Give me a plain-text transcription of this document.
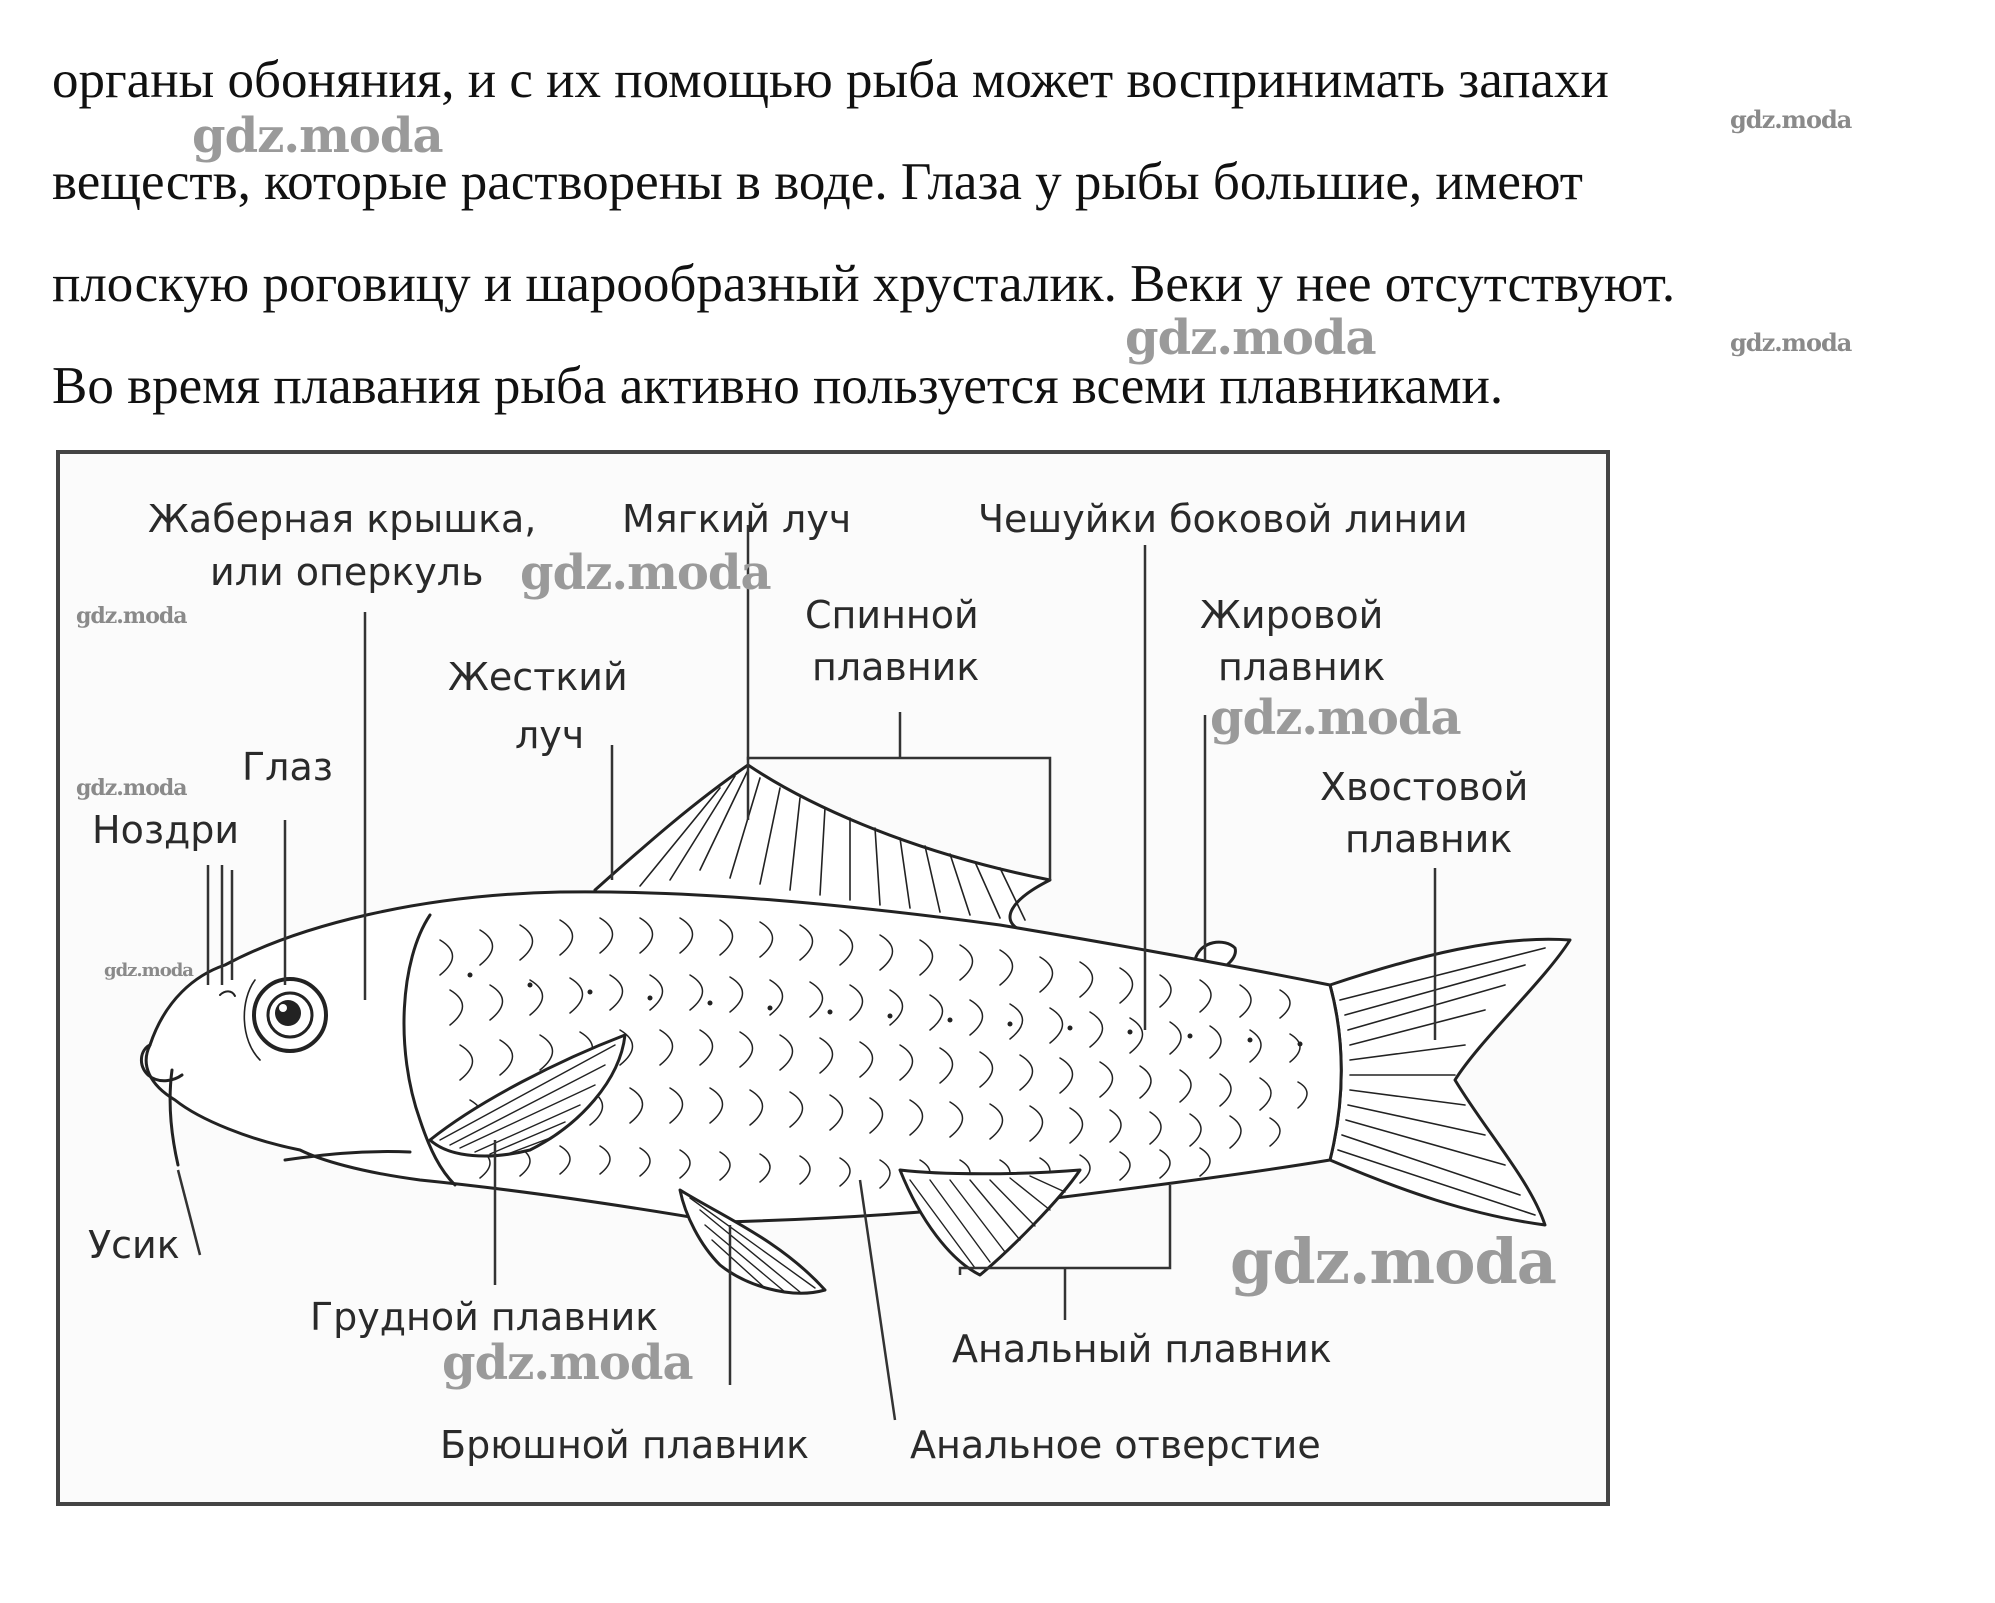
органы обоняния, и с их помощью рыба может воспринимать запахи
веществ, которые растворены в воде. Глаза у рыбы большие, имеют
плоскую роговицу и шарообразный хрусталик. Веки у нее отсутствуют.
Во время плавания рыба активно пользуется всеми плавниками.
Жаберная крышка,
или оперкуль
Мягкий луч	Чешуйки боковой линии
Спинной
плавник
Жировой
плавник
Жесткий
луч
Глаз
Ноздри
Хвостовой
плавник
Усик
Грудной плавник
Анальный плавник
Брюшной плавник	Анальное отверстие
gdz.moda	gdz.moda
gdz.moda	gdz.moda
gdz.moda
gdz.moda
gdz.moda
gdz.moda
gdz.moda
gdz.moda
gdz.moda
